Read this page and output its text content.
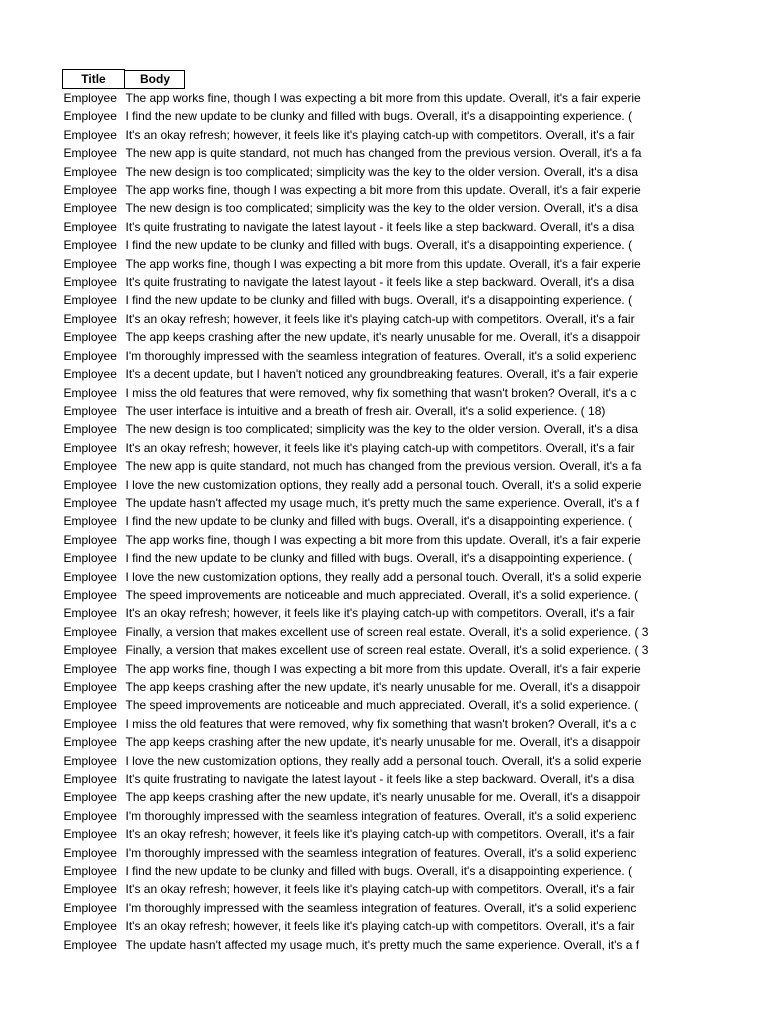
Title	Body
Employee	The app works fine, though I was expecting a bit more from this update. Overall, it's a fair experie
Employee	I find the new update to be clunky and filled with bugs. Overall, it's a disappointing experience. (
Employee	It's an okay refresh; however, it feels like it's playing catch-up with competitors. Overall, it's a fair
Employee	The new app is quite standard, not much has changed from the previous version. Overall, it's a fa
Employee	The new design is too complicated; simplicity was the key to the older version. Overall, it's a disa
Employee	The app works fine, though I was expecting a bit more from this update. Overall, it's a fair experie
Employee	The new design is too complicated; simplicity was the key to the older version. Overall, it's a disa
Employee	It's quite frustrating to navigate the latest layout - it feels like a step backward. Overall, it's a disa
Employee	I find the new update to be clunky and filled with bugs. Overall, it's a disappointing experience. (
Employee	The app works fine, though I was expecting a bit more from this update. Overall, it's a fair experie
Employee	It's quite frustrating to navigate the latest layout - it feels like a step backward. Overall, it's a disa
Employee	I find the new update to be clunky and filled with bugs. Overall, it's a disappointing experience. (
Employee	It's an okay refresh; however, it feels like it's playing catch-up with competitors. Overall, it's a fair
Employee	The app keeps crashing after the new update, it's nearly unusable for me. Overall, it's a disappoir
Employee	I'm thoroughly impressed with the seamless integration of features. Overall, it's a solid experienc
Employee	It's a decent update, but I haven't noticed any groundbreaking features. Overall, it's a fair experie
Employee	I miss the old features that were removed, why fix something that wasn't broken? Overall, it's a c
Employee	The user interface is intuitive and a breath of fresh air. Overall, it's a solid experience. ( 18)
Employee	The new design is too complicated; simplicity was the key to the older version. Overall, it's a disa
Employee	It's an okay refresh; however, it feels like it's playing catch-up with competitors. Overall, it's a fair
Employee	The new app is quite standard, not much has changed from the previous version. Overall, it's a fa
Employee	I love the new customization options, they really add a personal touch. Overall, it's a solid experie
Employee	The update hasn't affected my usage much, it's pretty much the same experience. Overall, it's a f
Employee	I find the new update to be clunky and filled with bugs. Overall, it's a disappointing experience. (
Employee	The app works fine, though I was expecting a bit more from this update. Overall, it's a fair experie
Employee	I find the new update to be clunky and filled with bugs. Overall, it's a disappointing experience. (
Employee	I love the new customization options, they really add a personal touch. Overall, it's a solid experie
Employee	The speed improvements are noticeable and much appreciated. Overall, it's a solid experience. (
Employee	It's an okay refresh; however, it feels like it's playing catch-up with competitors. Overall, it's a fair
Employee	Finally, a version that makes excellent use of screen real estate. Overall, it's a solid experience. ( 3
Employee	Finally, a version that makes excellent use of screen real estate. Overall, it's a solid experience. ( 3
Employee	The app works fine, though I was expecting a bit more from this update. Overall, it's a fair experie
Employee	The app keeps crashing after the new update, it's nearly unusable for me. Overall, it's a disappoir
Employee	The speed improvements are noticeable and much appreciated. Overall, it's a solid experience. (
Employee	I miss the old features that were removed, why fix something that wasn't broken? Overall, it's a c
Employee	The app keeps crashing after the new update, it's nearly unusable for me. Overall, it's a disappoir
Employee	I love the new customization options, they really add a personal touch. Overall, it's a solid experie
Employee	It's quite frustrating to navigate the latest layout - it feels like a step backward. Overall, it's a disa
Employee	The app keeps crashing after the new update, it's nearly unusable for me. Overall, it's a disappoir
Employee	I'm thoroughly impressed with the seamless integration of features. Overall, it's a solid experienc
Employee	It's an okay refresh; however, it feels like it's playing catch-up with competitors. Overall, it's a fair
Employee	I'm thoroughly impressed with the seamless integration of features. Overall, it's a solid experienc
Employee	I find the new update to be clunky and filled with bugs. Overall, it's a disappointing experience. (
Employee	It's an okay refresh; however, it feels like it's playing catch-up with competitors. Overall, it's a fair
Employee	I'm thoroughly impressed with the seamless integration of features. Overall, it's a solid experienc
Employee	It's an okay refresh; however, it feels like it's playing catch-up with competitors. Overall, it's a fair
Employee	The update hasn't affected my usage much, it's pretty much the same experience. Overall, it's a f
